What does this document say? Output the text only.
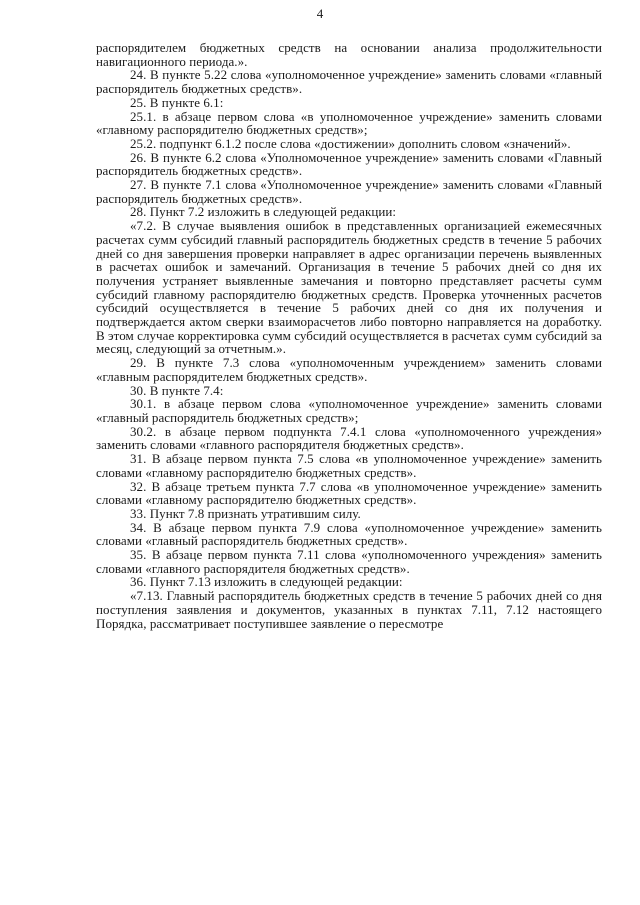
4

распорядителем бюджетных средств на основании анализа продолжительности навигационного периода.».

24. В пункте 5.22 слова «уполномоченное учреждение» заменить словами «главный распорядитель бюджетных средств».

25. В пункте 6.1:

25.1. в абзаце первом слова «в уполномоченное учреждение» заменить словами «главному распорядителю бюджетных средств»;

25.2. подпункт 6.1.2 после слова «достижении» дополнить словом «значений».

26. В пункте 6.2 слова «Уполномоченное учреждение» заменить словами «Главный распорядитель бюджетных средств».

27. В пункте 7.1 слова «Уполномоченное учреждение» заменить словами «Главный распорядитель бюджетных средств».

28. Пункт 7.2 изложить в следующей редакции:

«7.2. В случае выявления ошибок в представленных организацией ежемесячных расчетах сумм субсидий главный распорядитель бюджетных средств в течение 5 рабочих дней со дня завершения проверки направляет в адрес организации перечень выявленных в расчетах ошибок и замечаний. Организация в течение 5 рабочих дней со дня их получения устраняет выявленные замечания и повторно представляет расчеты сумм субсидий главному распорядителю бюджетных средств. Проверка уточненных расчетов субсидий осуществляется в течение 5 рабочих дней со дня их получения и подтверждается актом сверки взаиморасчетов либо повторно направляется на доработку. В этом случае корректировка сумм субсидий осуществляется в расчетах сумм субсидий за месяц, следующий за отчетным.».

29. В пункте 7.3 слова «уполномоченным учреждением» заменить словами «главным распорядителем бюджетных средств».

30. В пункте 7.4:

30.1. в абзаце первом слова «уполномоченное учреждение» заменить словами «главный распорядитель бюджетных средств»;

30.2. в абзаце первом подпункта 7.4.1 слова «уполномоченного учреждения» заменить словами «главного распорядителя бюджетных средств».

31. В абзаце первом пункта 7.5 слова «в уполномоченное учреждение» заменить словами «главному распорядителю бюджетных средств».

32. В абзаце третьем пункта 7.7 слова «в уполномоченное учреждение» заменить словами «главному распорядителю бюджетных средств».

33. Пункт 7.8 признать утратившим силу.

34. В абзаце первом пункта 7.9 слова «уполномоченное учреждение» заменить словами «главный распорядитель бюджетных средств».

35. В абзаце первом пункта 7.11 слова «уполномоченного учреждения» заменить словами «главного распорядителя бюджетных средств».

36. Пункт 7.13 изложить в следующей редакции:

«7.13. Главный распорядитель бюджетных средств в течение 5 рабочих дней со дня поступления заявления и документов, указанных в пунктах 7.11, 7.12 настоящего Порядка, рассматривает поступившее заявление о пересмотре
